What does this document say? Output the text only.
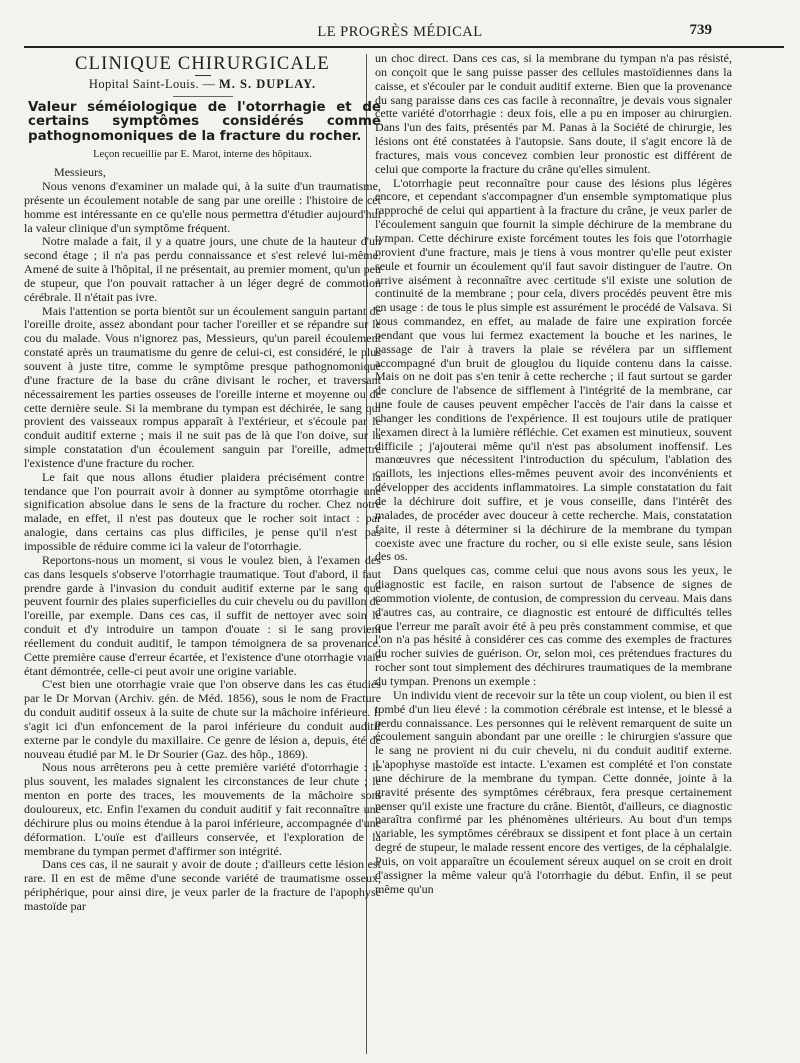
LE PROGRÈS MÉDICAL	739
CLINIQUE CHIRURGICALE

Hopital Saint-Louis. — M. S. DUPLAY.

Valeur séméiologique de l'otorrhagie et de certains symptômes considérés comme pathognomoniques de la fracture du rocher.

Leçon recueillie par E. Marot, interne des hôpitaux.

Messieurs,

Nous venons d'examiner un malade qui, à la suite d'un traumatisme, présente un écoulement notable de sang par une oreille : l'histoire de cet homme est intéressante en ce qu'elle nous permettra d'étudier aujourd'hui la valeur clinique d'un symptôme fréquent.

Notre malade a fait, il y a quatre jours, une chute de la hauteur d'un second étage ; il n'a pas perdu connaissance et s'est relevé lui-même. Amené de suite à l'hôpital, il ne présentait, au premier moment, qu'un peu de stupeur, que l'on pouvait rattacher à un léger degré de commotion cérébrale. Il n'était pas ivre.

Mais l'attention se porta bientôt sur un écoulement sanguin partant de l'oreille droite, assez abondant pour tacher l'oreiller et se répandre sur le cou du malade. Vous n'ignorez pas, Messieurs, qu'un pareil écoulement constaté après un traumatisme du genre de celui-ci, est considéré, le plus souvent à juste titre, comme le symptôme presque pathognomonique d'une fracture de la base du crâne divisant le rocher, et traversant nécessairement les parties osseuses de l'oreille interne et moyenne ou de cette dernière seule. Si la membrane du tympan est déchirée, le sang qui provient des vaisseaux rompus apparaît à l'extérieur, et s'écoule par le conduit auditif externe ; mais il ne suit pas de là que l'on doive, sur la simple constatation d'un écoulement sanguin par l'oreille, admettre l'existence d'une fracture du rocher.

Le fait que nous allons étudier plaidera précisément contre la tendance que l'on pourrait avoir à donner au symptôme otorrhagie une signification absolue dans le sens de la fracture du rocher. Chez notre malade, en effet, il n'est pas douteux que le rocher soit intact : par analogie, dans certains cas plus difficiles, je pense qu'il n'est pas impossible de réduire comme ici la valeur de l'otorrhagie.

Reportons-nous un moment, si vous le voulez bien, à l'examen des cas dans lesquels s'observe l'otorrhagie traumatique. Tout d'abord, il faut prendre garde à l'invasion du conduit auditif externe par le sang que peuvent fournir des plaies superficielles du cuir chevelu ou du pavillon de l'oreille, par exemple. Dans ces cas, il suffit de nettoyer avec soin le conduit et d'y introduire un tampon d'ouate : si le sang provient réellement du conduit auditif, le tampon témoignera de sa provenance. Cette première cause d'erreur écartée, et l'existence d'une otorrhagie vraie étant démontrée, celle-ci peut avoir une origine variable.

C'est bien une otorrhagie vraie que l'on observe dans les cas étudiés par le Dr Morvan (Archiv. gén. de Méd. 1856), sous le nom de Fracture du conduit auditif osseux à la suite de chute sur la mâchoire inférieure. Il s'agit ici d'un enfoncement de la paroi inférieure du conduit auditif externe par le condyle du maxillaire. Ce genre de lésion a, depuis, été de nouveau étudié par M. le Dr Sourier (Gaz. des hôp., 1869).

Nous nous arrêterons peu à cette première variété d'otorrhagie : le plus souvent, les malades signalent les circonstances de leur chute ; le menton en porte des traces, les mouvements de la mâchoire sont douloureux, etc. Enfin l'examen du conduit auditif y fait reconnaître une déchirure plus ou moins étendue à la paroi inférieure, accompagnée d'une déformation. L'ouïe est d'ailleurs conservée, et l'exploration de la membrane du tympan permet d'affirmer son intégrité.

Dans ces cas, il ne saurait y avoir de doute ; d'ailleurs cette lésion est rare. Il en est de même d'une seconde variété de traumatisme osseux, périphérique, pour ainsi dire, je veux parler de la fracture de l'apophyse mastoïde par

un choc direct. Dans ces cas, si la membrane du tympan n'a pas résisté, on conçoit que le sang puisse passer des cellules mastoïdiennes dans la caisse, et s'écouler par le conduit auditif externe. Bien que la provenance du sang paraisse dans ces cas facile à reconnaître, je devais vous signaler cette variété d'otorrhagie : deux fois, elle a pu en imposer au chirurgien. Dans l'un des faits, présentés par M. Panas à la Société de chirurgie, les lésions ont été constatées à l'autopsie. Sans doute, il s'agit encore là de fractures, mais vous concevez combien leur pronostic est différent de celui que comporte la fracture du crâne qu'elles simulent.

L'otorrhagie peut reconnaître pour cause des lésions plus légères encore, et cependant s'accompagner d'un ensemble symptomatique plus rapproché de celui qui appartient à la fracture du crâne, je veux parler de l'écoulement sanguin que fournit la simple déchirure de la membrane du tympan. Cette déchirure existe forcément toutes les fois que l'otorrhagie provient d'une fracture, mais je tiens à vous montrer qu'elle peut exister seule et fournir un écoulement qu'il faut savoir distinguer de l'autre. On arrive aisément à reconnaître avec certitude s'il existe une solution de continuité de la membrane ; pour cela, divers procédés peuvent être mis en usage : de tous le plus simple est assurément le procédé de Valsava. Si vous commandez, en effet, au malade de faire une expiration forcée pendant que vous lui fermez exactement la bouche et les narines, le passage de l'air à travers la plaie se révélera par un sifflement accompagné d'un bruit de glouglou du liquide contenu dans la caisse. Mais on ne doit pas s'en tenir à cette recherche ; il faut surtout se garder de conclure de l'absence de sifflement à l'intégrité de la membrane, car une foule de causes peuvent empêcher l'accès de l'air dans la caisse et changer les conditions de l'expérience. Il est toujours utile de pratiquer l'examen direct à la lumière réfléchie. Cet examen est minutieux, souvent difficile ; j'ajouterai même qu'il n'est pas absolument inoffensif. Les manœuvres que nécessitent l'introduction du spéculum, l'ablation des caillots, les injections elles-mêmes peuvent avoir des inconvénients et développer des accidents inflammatoires. La simple constatation du fait de la déchirure doit suffire, et je vous conseille, dans l'intérêt des malades, de procéder avec douceur à cette recherche. Mais, constatation faite, il reste à déterminer si la déchirure de la membrane du tympan coexiste avec une fracture du rocher, ou si elle existe seule, sans lésion des os.

Dans quelques cas, comme celui que nous avons sous les yeux, le diagnostic est facile, en raison surtout de l'absence de signes de commotion violente, de contusion, de compression du cerveau. Mais dans d'autres cas, au contraire, ce diagnostic est entouré de difficultés telles que l'erreur me paraît avoir été à peu près constamment commise, et que l'on n'a pas hésité à considérer ces cas comme des exemples de fractures du rocher suivies de guérison. Or, selon moi, ces prétendues fractures du rocher sont tout simplement des déchirures traumatiques de la membrane du tympan. Prenons un exemple :

Un individu vient de recevoir sur la tête un coup violent, ou bien il est tombé d'un lieu élevé : la commotion cérébrale est intense, et le blessé a perdu connaissance. Les personnes qui le relèvent remarquent de suite un écoulement sanguin abondant par une oreille : le chirurgien s'assure que le sang ne provient ni du cuir chevelu, ni du conduit auditif externe. L'apophyse mastoïde est intacte. L'examen est complété et l'on constate une déchirure de la membrane du tympan. Cette donnée, jointe à la gravité présente des symptômes cérébraux, fera presque certainement penser qu'il existe une fracture du crâne. Bientôt, d'ailleurs, ce diagnostic paraîtra confirmé par les phénomènes ultérieurs. Au bout d'un temps variable, les symptômes cérébraux se dissipent et font place à un certain degré de stupeur, le malade ressent encore des vertiges, de la céphalalgie. Puis, on voit apparaître un écoulement séreux auquel on se croit en droit d'assigner la même valeur qu'à l'otorrhagie du début. Enfin, il se peut même qu'un
